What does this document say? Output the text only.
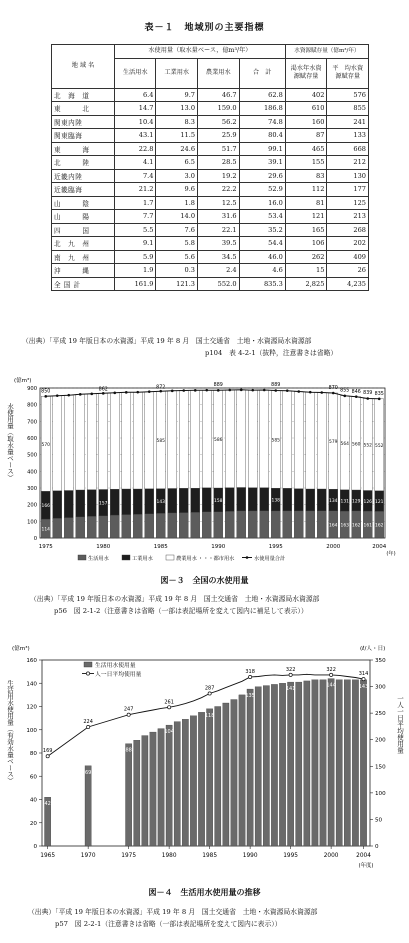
表－１　地域別の主要指標
地 域 名	水使用量（取水量ベース，億m³/年）				水資源賦存量（億m³/年）	
	生活用水	工業用水	農業用水	合　計	渇水年水資源賦存量	平　均水資源賦存量
北　海　道	6.4	9.7	46.7	62.8	402	576
東　　　北	14.7	13.0	159.0	186.8	610	855
関東内陸	10.4	8.3	56.2	74.8	160	241
関東臨海	43.1	11.5	25.9	80.4	87	133
東　　　海	22.8	24.6	51.7	99.1	465	668
北　　　陸	4.1	6.5	28.5	39.1	155	212
近畿内陸	7.4	3.0	19.2	29.6	83	130
近畿臨海	21.2	9.6	22.2	52.9	112	177
山　　　陰	1.7	1.8	12.5	16.0	81	125
山　　　陽	7.7	14.0	31.6	53.4	121	213
四　　　国	5.5	7.6	22.1	35.2	165	268
北　九　州	9.1	5.8	39.5	54.4	106	202
南　九　州	5.9	5.6	34.5	46.0	262	409
沖　　　縄	1.9	0.3	2.4	4.6	15	26
全 国 計	161.9	121.3	552.0	835.3	2,825	4,235
（出典）「平成 19 年版日本の水資源」平成 19 年 8 月　国土交通省　土地・水資源局水資源部
p104　表 4-2-1（抜粋，注意書きは省略）
0
100
200
300
400
500
600
700
800
900
(億m³)
水使用量（取水量ベース）
850	862	872
889	889
870 855 846 839 835
570
166
114
157
585
143
586
158
585
138
579
134
164
564
131
163
560
129
162
552
126
161
552
121
162
1975	1980	1985	1990	1995	2000	2004
(年)
生活用水	工業用水	農業用水 ・・・都市用水	水使用量合計
図－３　全国の水使用量
（出典）「平成 19 年版日本の水資源」平成 19 年 8 月　国土交通省　土地・水資源局水資源部
p56　図 2-1-2（注意書きは省略（一部は表記場所を変えて図内に補足して表示））
0
20
40
60
80
100
120
140
160
0
50
100
150
200
250
300
350
(億m³)	(ℓ/人・日)
生活用水使用量（有効水量ベース）	一人一日平均使用量
42
69
88
104
118
135
141
144	143
169
224
247
261
287
318	322	322
314
1965	1970	1975	1980	1985	1990	1995	2000	2004
(年度)
生活用水使用量
人一日平均使用量
図－４　生活用水使用量の推移
（出典）「平成 19 年版日本の水資源」平成 19 年 8 月　国土交通省　土地・水資源局水資源部
p57　図 2-2-1（注意書きは省略（一部は表記場所を変えて図内に表示））
